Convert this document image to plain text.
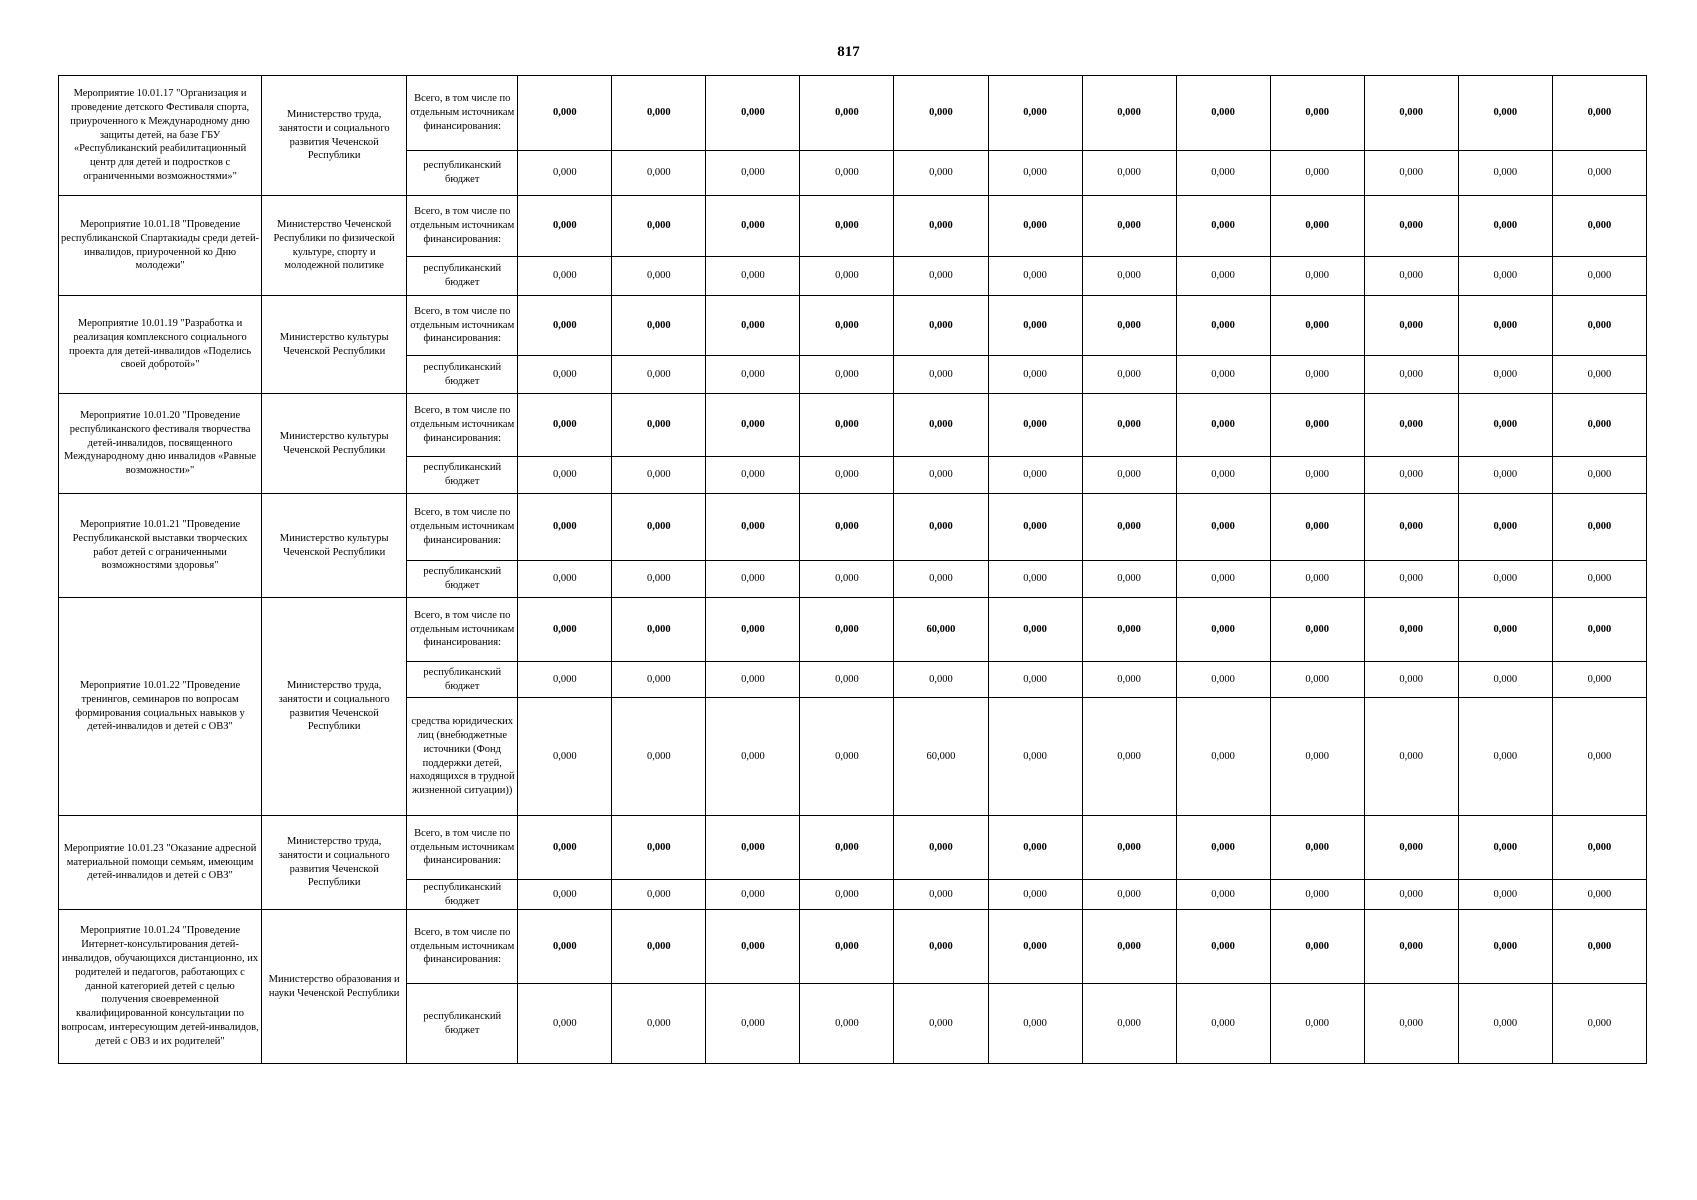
817
Мероприятие 10.01.17 "Организация и проведение детского Фестиваля спорта, приуроченного к Международному дню защиты детей, на базе ГБУ «Республиканский реабилитационный центр для детей и подростков с ограниченными возможностями»"	Министерство труда, занятости и социального развития Чеченской Республики	Всего, в том числе по отдельным источникам финансирования:	0,000	0,000	0,000	0,000	0,000	0,000	0,000	0,000	0,000	0,000	0,000	0,000
		республиканский бюджет	0,000	0,000	0,000	0,000	0,000	0,000	0,000	0,000	0,000	0,000	0,000	0,000
Мероприятие 10.01.18 "Проведение республиканской Спартакиады среди детей-инвалидов, приуроченной ко Дню молодежи"	Министерство Чеченской Республики по физической культуре, спорту и молодежной политике	Всего, в том числе по отдельным источникам финансирования:	0,000	0,000	0,000	0,000	0,000	0,000	0,000	0,000	0,000	0,000	0,000	0,000
		республиканский бюджет	0,000	0,000	0,000	0,000	0,000	0,000	0,000	0,000	0,000	0,000	0,000	0,000
Мероприятие 10.01.19 "Разработка и реализация комплексного социального проекта для детей-инвалидов «Поделись своей добротой»"	Министерство культуры Чеченской Республики	Всего, в том числе по отдельным источникам финансирования:	0,000	0,000	0,000	0,000	0,000	0,000	0,000	0,000	0,000	0,000	0,000	0,000
		республиканский бюджет	0,000	0,000	0,000	0,000	0,000	0,000	0,000	0,000	0,000	0,000	0,000	0,000
Мероприятие 10.01.20 "Проведение республиканского фестиваля творчества детей-инвалидов, посвященного Международному дню инвалидов «Равные возможности»"	Министерство культуры Чеченской Республики	Всего, в том числе по отдельным источникам финансирования:	0,000	0,000	0,000	0,000	0,000	0,000	0,000	0,000	0,000	0,000	0,000	0,000
		республиканский бюджет	0,000	0,000	0,000	0,000	0,000	0,000	0,000	0,000	0,000	0,000	0,000	0,000
Мероприятие 10.01.21 "Проведение Республиканской выставки творческих работ детей с ограниченными возможностями здоровья"	Министерство культуры Чеченской Республики	Всего, в том числе по отдельным источникам финансирования:	0,000	0,000	0,000	0,000	0,000	0,000	0,000	0,000	0,000	0,000	0,000	0,000
		республиканский бюджет	0,000	0,000	0,000	0,000	0,000	0,000	0,000	0,000	0,000	0,000	0,000	0,000
Мероприятие 10.01.22 "Проведение тренингов, семинаров по вопросам формирования социальных навыков у детей-инвалидов и детей с ОВЗ"	Министерство труда, занятости и социального развития Чеченской Республики	Всего, в том числе по отдельным источникам финансирования:	0,000	0,000	0,000	0,000	60,000	0,000	0,000	0,000	0,000	0,000	0,000	0,000
		республиканский бюджет	0,000	0,000	0,000	0,000	0,000	0,000	0,000	0,000	0,000	0,000	0,000	0,000
		средства юридических лиц (внебюджетные источники (Фонд поддержки детей, находящихся в трудной жизненной ситуации))	0,000	0,000	0,000	0,000	60,000	0,000	0,000	0,000	0,000	0,000	0,000	0,000
Мероприятие 10.01.23 "Оказание адресной материальной помощи семьям, имеющим детей-инвалидов и детей с ОВЗ"	Министерство труда, занятости и социального развития Чеченской Республики	Всего, в том числе по отдельным источникам финансирования:	0,000	0,000	0,000	0,000	0,000	0,000	0,000	0,000	0,000	0,000	0,000	0,000
		республиканский бюджет	0,000	0,000	0,000	0,000	0,000	0,000	0,000	0,000	0,000	0,000	0,000	0,000
Мероприятие 10.01.24 "Проведение Интернет-консультирования детей-инвалидов, обучающихся дистанционно, их родителей и педагогов, работающих с данной категорией детей с целью получения своевременной квалифицированной консультации по вопросам, интересующим детей-инвалидов, детей с ОВЗ и их родителей"	Министерство образования и науки Чеченской Республики	Всего, в том числе по отдельным источникам финансирования:	0,000	0,000	0,000	0,000	0,000	0,000	0,000	0,000	0,000	0,000	0,000	0,000
		республиканский бюджет	0,000	0,000	0,000	0,000	0,000	0,000	0,000	0,000	0,000	0,000	0,000	0,000
